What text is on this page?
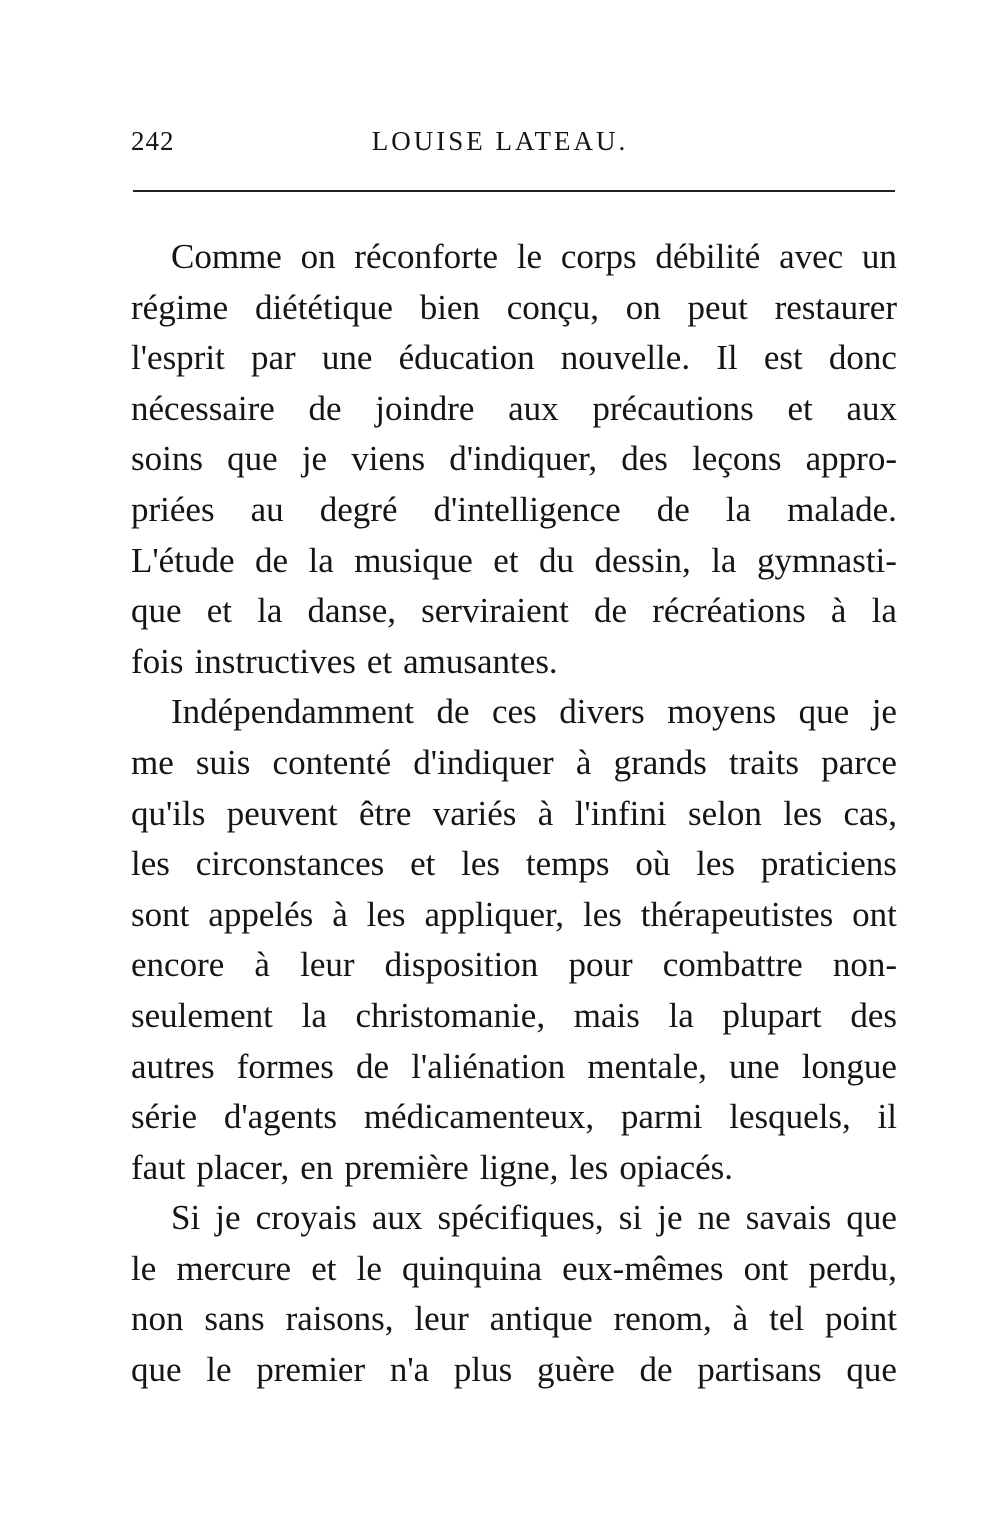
242	LOUISE LATEAU.
Comme on réconforte le corps débilité avec un
régime diététique bien conçu, on peut restaurer
l'esprit par une éducation nouvelle. Il est donc
nécessaire de joindre aux précautions et aux
soins que je viens d'indiquer, des leçons appro-
priées au degré d'intelligence de la malade.
L'étude de la musique et du dessin, la gymnasti-
que et la danse, serviraient de récréations à la
fois instructives et amusantes.
Indépendamment de ces divers moyens que je
me suis contenté d'indiquer à grands traits parce
qu'ils peuvent être variés à l'infini selon les cas,
les circonstances et les temps où les praticiens
sont appelés à les appliquer, les thérapeutistes ont
encore à leur disposition pour combattre non-
seulement la christomanie, mais la plupart des
autres formes de l'aliénation mentale, une longue
série d'agents médicamenteux, parmi lesquels, il
faut placer, en première ligne, les opiacés.
Si je croyais aux spécifiques, si je ne savais que
le mercure et le quinquina eux-mêmes ont perdu,
non sans raisons, leur antique renom, à tel point
que le premier n'a plus guère de partisans que
